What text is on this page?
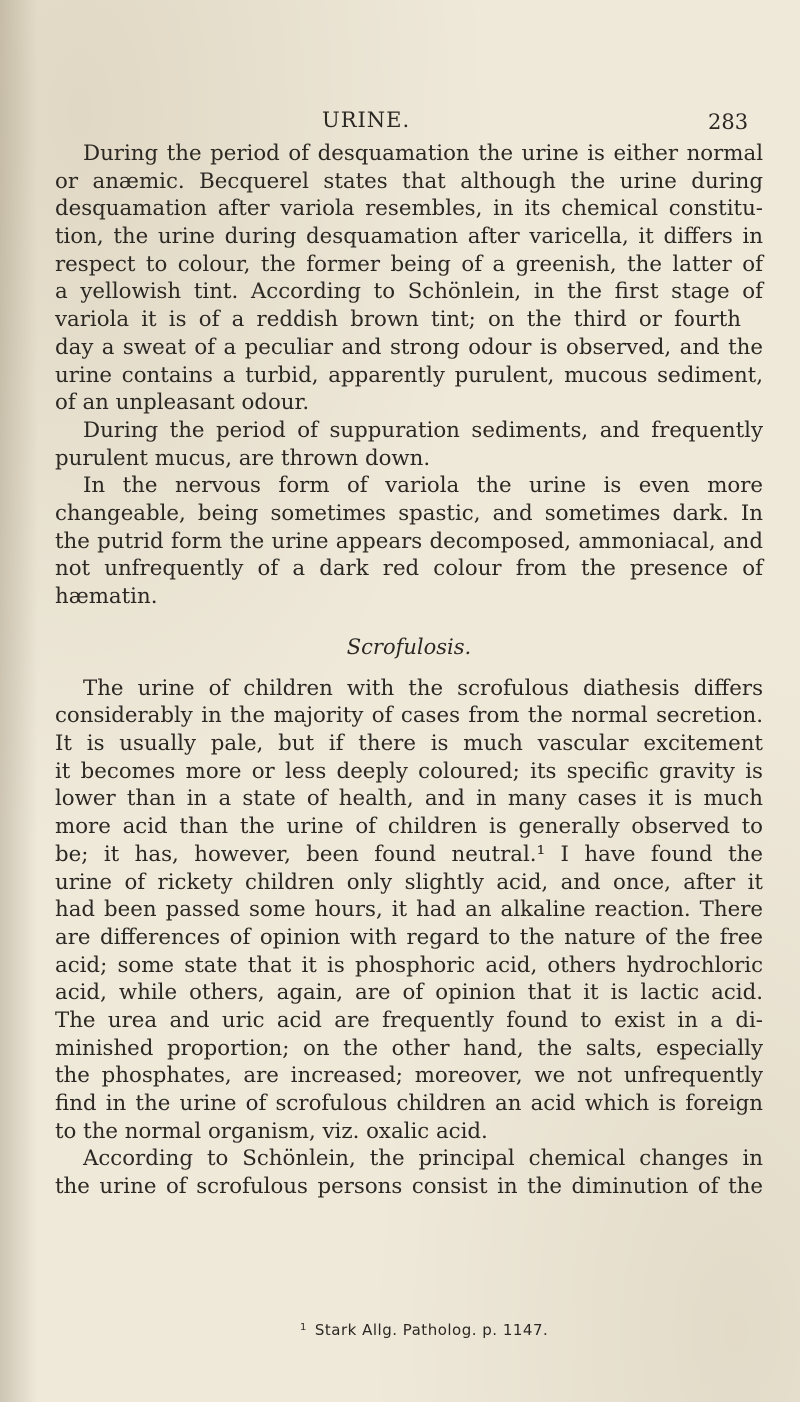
URINE.	283
During the period of desquamation the urine is either normal
or anæmic. Becquerel states that although the urine during
desquamation after variola resembles, in its chemical constitu-
tion, the urine during desquamation after varicella, it differs in
respect to colour, the former being of a greenish, the latter of
a yellowish tint. According to Schönlein, in the first stage of
variola it is of a reddish brown tint; on the third or fourth
day a sweat of a peculiar and strong odour is observed, and the
urine contains a turbid, apparently purulent, mucous sediment,
of an unpleasant odour.
During the period of suppuration sediments, and frequently
purulent mucus, are thrown down.
In the nervous form of variola the urine is even more
changeable, being sometimes spastic, and sometimes dark. In
the putrid form the urine appears decomposed, ammoniacal, and
not unfrequently of a dark red colour from the presence of
hæmatin.
Scrofulosis.
The urine of children with the scrofulous diathesis differs
considerably in the majority of cases from the normal secretion.
It is usually pale, but if there is much vascular excitement
it becomes more or less deeply coloured; its specific gravity is
lower than in a state of health, and in many cases it is much
more acid than the urine of children is generally observed to
be; it has, however, been found neutral.¹ I have found the
urine of rickety children only slightly acid, and once, after it
had been passed some hours, it had an alkaline reaction. There
are differences of opinion with regard to the nature of the free
acid; some state that it is phosphoric acid, others hydrochloric
acid, while others, again, are of opinion that it is lactic acid.
The urea and uric acid are frequently found to exist in a di-
minished proportion; on the other hand, the salts, especially
the phosphates, are increased; moreover, we not unfrequently
find in the urine of scrofulous children an acid which is foreign
to the normal organism, viz. oxalic acid.
According to Schönlein, the principal chemical changes in
the urine of scrofulous persons consist in the diminution of the
$^1$ Stark Allg. Patholog. p. 1147.
